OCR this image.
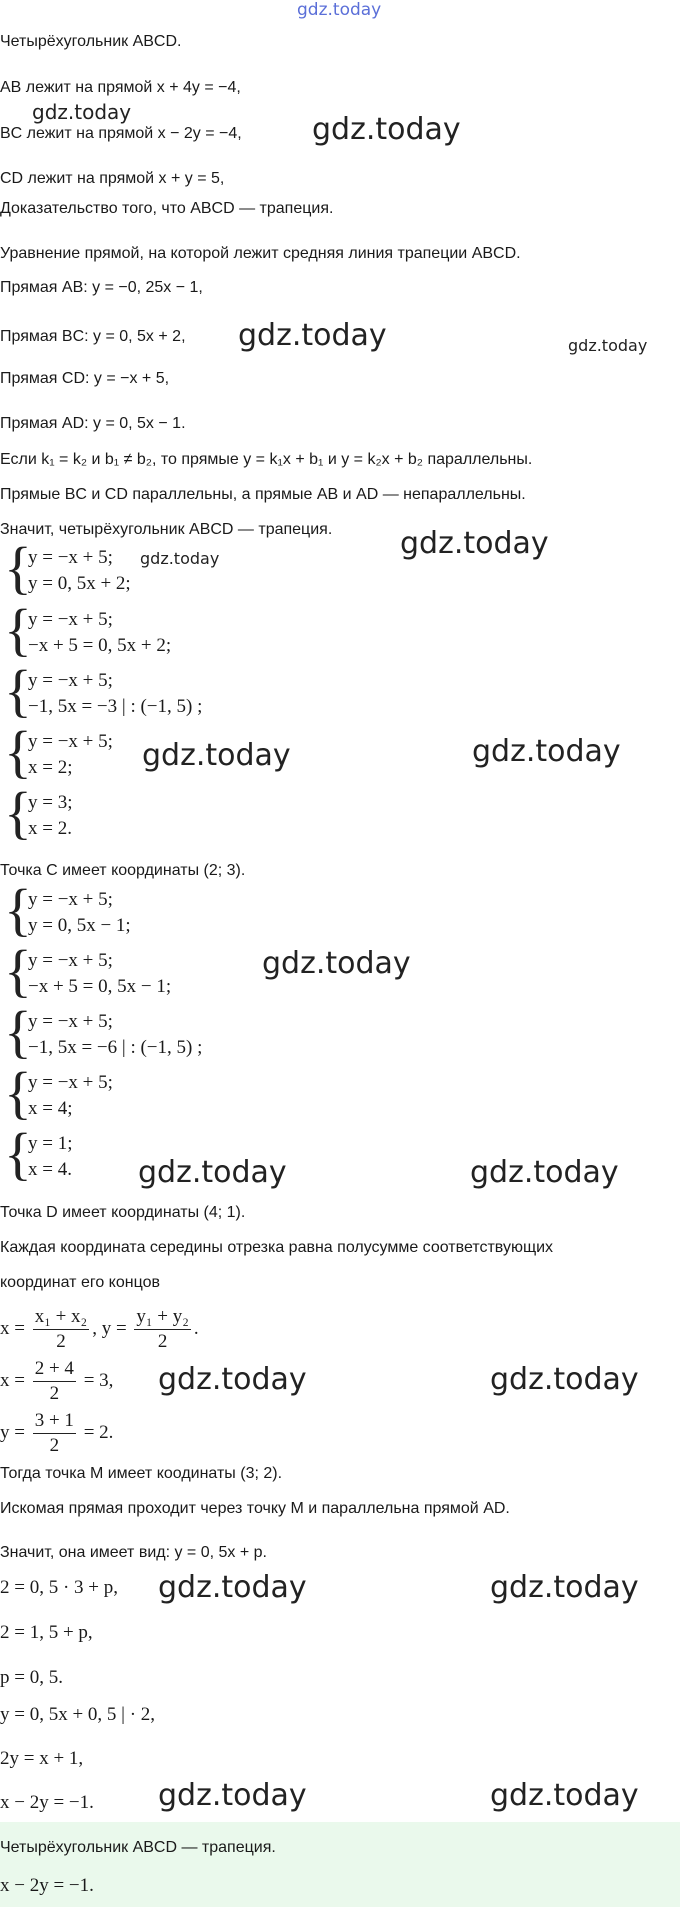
gdz.today
Четырёхугольник ABCD.
AB лежит на прямой x + 4y = −4,
BC лежит на прямой x − 2y = −4,
CD лежит на прямой x + y = 5,
Доказательство того, что ABCD — трапеция.
Уравнение прямой, на которой лежит средняя линия трапеции ABCD.
Прямая AB: y = −0, 25x − 1,
Прямая BC: y = 0, 5x + 2,
Прямая CD: y = −x + 5,
Прямая AD: y = 0, 5x − 1.
Если k₁ = k₂ и b₁ ≠ b₂, то прямые y = k₁x + b₁ и y = k₂x + b₂ параллельны.
Прямые BC и CD параллельны, а прямые AB и AD — непараллельны.
Значит, четырёхугольник ABCD — трапеция.
{
y = −x + 5;
y = 0, 5x + 2;
{
y = −x + 5;
−x + 5 = 0, 5x + 2;
{
y = −x + 5;
−1, 5x = −3 | : (−1, 5) ;
{
y = −x + 5;
x = 2;
{
y = 3;
x = 2.
Точка C имеет координаты (2; 3).
{
y = −x + 5;
y = 0, 5x − 1;
{
y = −x + 5;
−x + 5 = 0, 5x − 1;
{
y = −x + 5;
−1, 5x = −6 | : (−1, 5) ;
{
y = −x + 5;
x = 4;
{
y = 1;
x = 4.
Точка D имеет координаты (4; 1).
Каждая координата середины отрезка равна полусумме соответствующих
координат его концов
$x = \frac{\text{x₁ + x₂}}{2}$ , $y = \frac{\text{y₁ + y₂}}{2}$ .
$x = \frac{2 + 4}{2} = 3$,
$y = \frac{3 + 1}{2} = 2$.
Тогда точка M имеет коодинаты (3; 2).
Искомая прямая проходит через точку M и параллельна прямой AD.
Значит, она имеет вид: y = 0, 5x + p.
2 = 0, 5 · 3 + p,
2 = 1, 5 + p,
p = 0, 5.
y = 0, 5x + 0, 5 | · 2,
2y = x + 1,
x − 2y = −1.
Четырёхугольник ABCD — трапеция.
x − 2y = −1.
gdz.today	gdz.today
gdz.today	gdz.today
gdz.today
gdz.today
gdz.today	gdz.today
gdz.today
gdz.today	gdz.today
gdz.today	gdz.today
gdz.today	gdz.today
gdz.today	gdz.today
